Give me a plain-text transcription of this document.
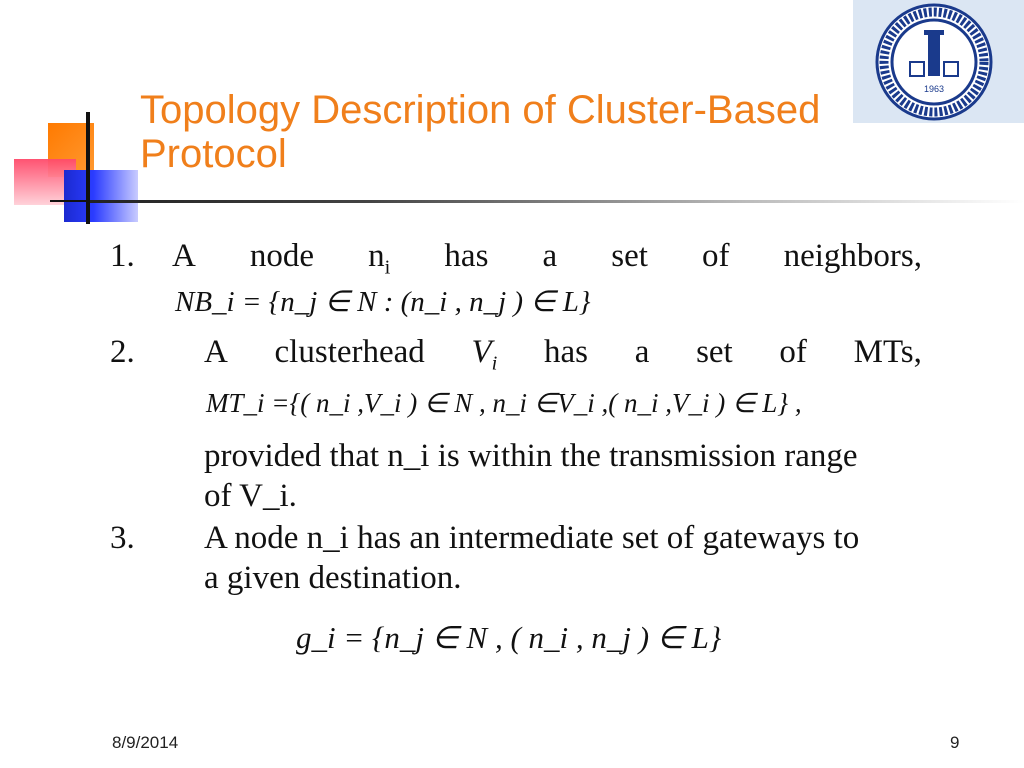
1963
Topology Description of Cluster-Based
Protocol
1. A node $n_i$ has a set of neighbors,
NB_i = {n_j ∈ N : (n_i , n_j ) ∈ L}
2. A clusterhead $V_i$ has a set of MTs,
MT_i ={( n_i ,V_i ) ∈ N , n_i ∈V_i ,( n_i ,V_i ) ∈ L} ,
provided that n_i is within the transmission range
of V_i.
3. A node n_i has an intermediate set of gateways to
a given destination.
g_i = {n_j ∈ N , ( n_i , n_j ) ∈ L}
8/9/2014	9
